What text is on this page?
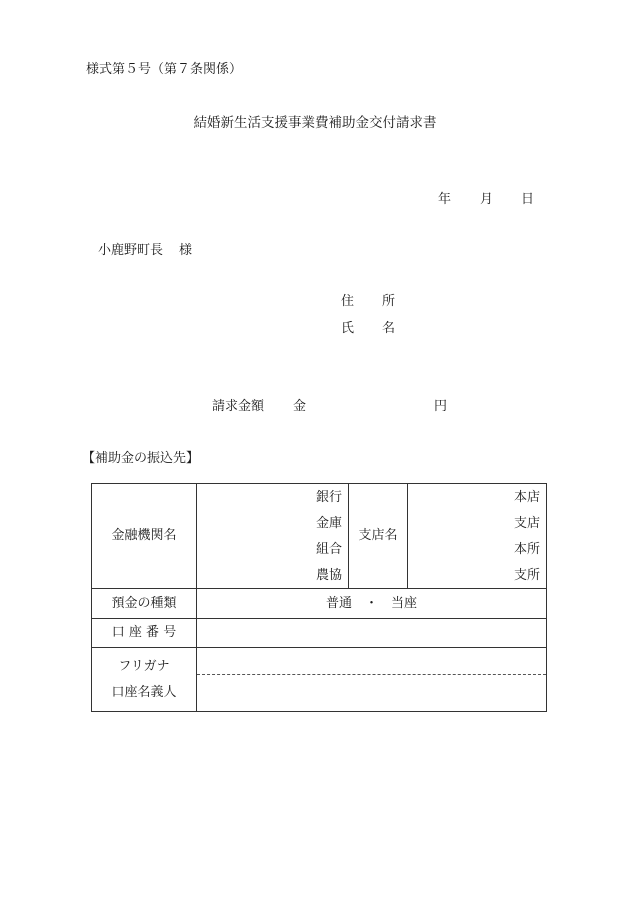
様式第５号（第７条関係）
結婚新生活支援事業費補助金交付請求書
年 月 日
小鹿野町長 様
住 所
氏 名
請求金額 金	円
【補助金の振込先】
金融機関名
銀行
金庫
組合
農協
支店名
本店
支店
本所
支所
預金の種類	普通　・　当座
口 座 番 号
フリガナ
口座名義人
